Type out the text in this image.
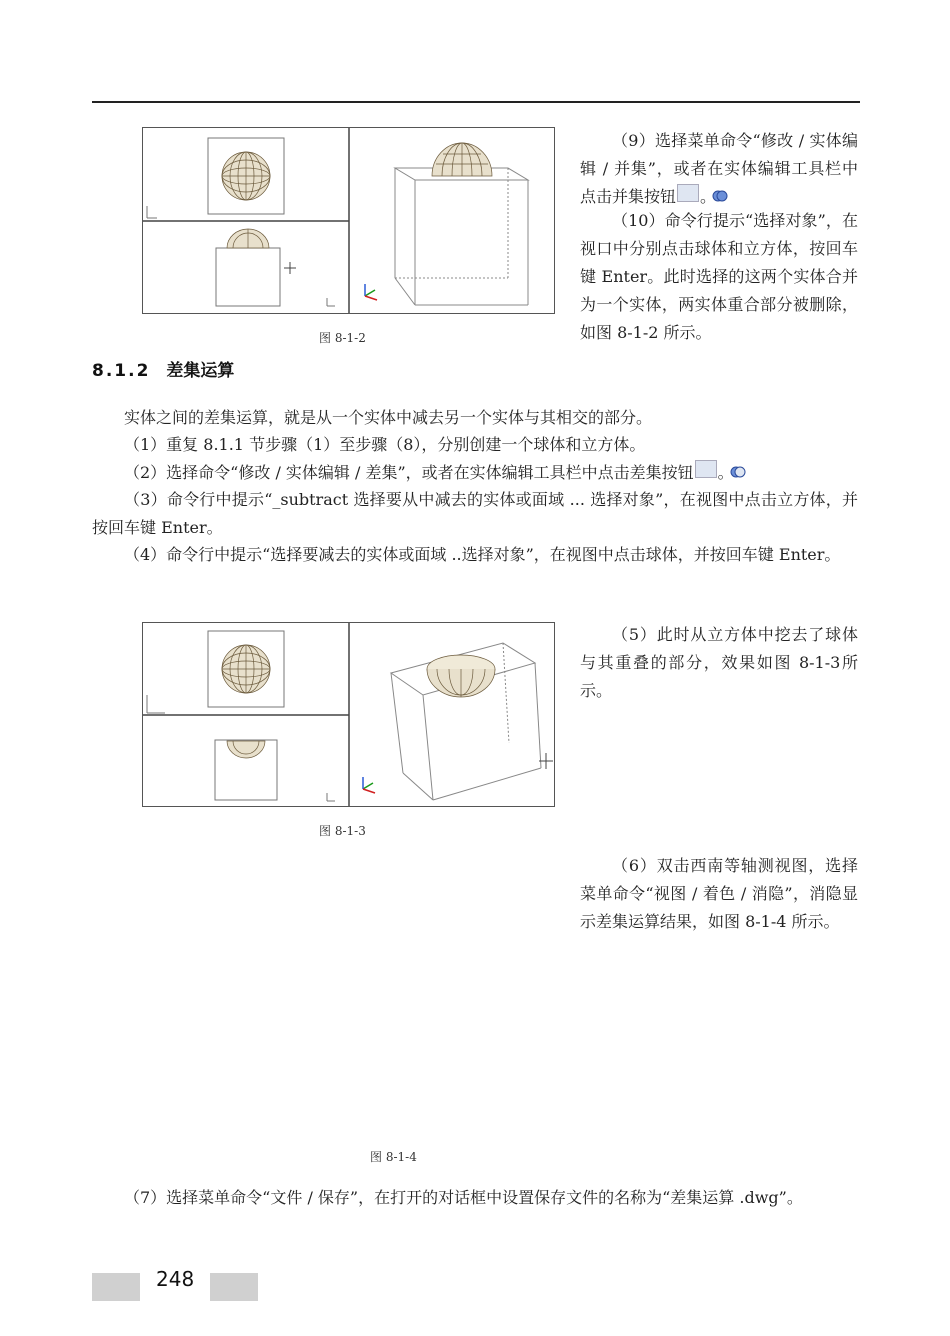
图 8-1-2

（9）选择菜单命令“修改 / 实体编辑 / 并集”，或者在实体编辑工具栏中点击并集按钮 。

（10）命令行提示“选择对象”，在视口中分别点击球体和立方体，按回车键 Enter。此时选择的这两个实体合并为一个实体，两实体重合部分被删除，如图 8-1-2 所示。

8.1.2 差集运算

实体之间的差集运算，就是从一个实体中减去另一个实体与其相交的部分。

（1）重复 8.1.1 节步骤（1）至步骤（8），分别创建一个球体和立方体。

（2）选择命令“修改 / 实体编辑 / 差集”，或者在实体编辑工具栏中点击差集按钮 。

（3）命令行中提示“_subtract 选择要从中减去的实体或面域 ... 选择对象”，在视图中点击立方体，并按回车键 Enter。

（4）命令行中提示“选择要减去的实体或面域 ..选择对象”，在视图中点击球体，并按回车键 Enter。

图 8-1-3

（5）此时从立方体中挖去了球体与其重叠的部分，效果如图 8-1-3所示。

（6）双击西南等轴测视图，选择菜单命令“视图 / 着色 / 消隐”，消隐显示差集运算结果，如图 8-1-4 所示。

图 8-1-4

（7）选择菜单命令“文件 / 保存”，在打开的对话框中设置保存文件的名称为“差集运算 .dwg”。

248
